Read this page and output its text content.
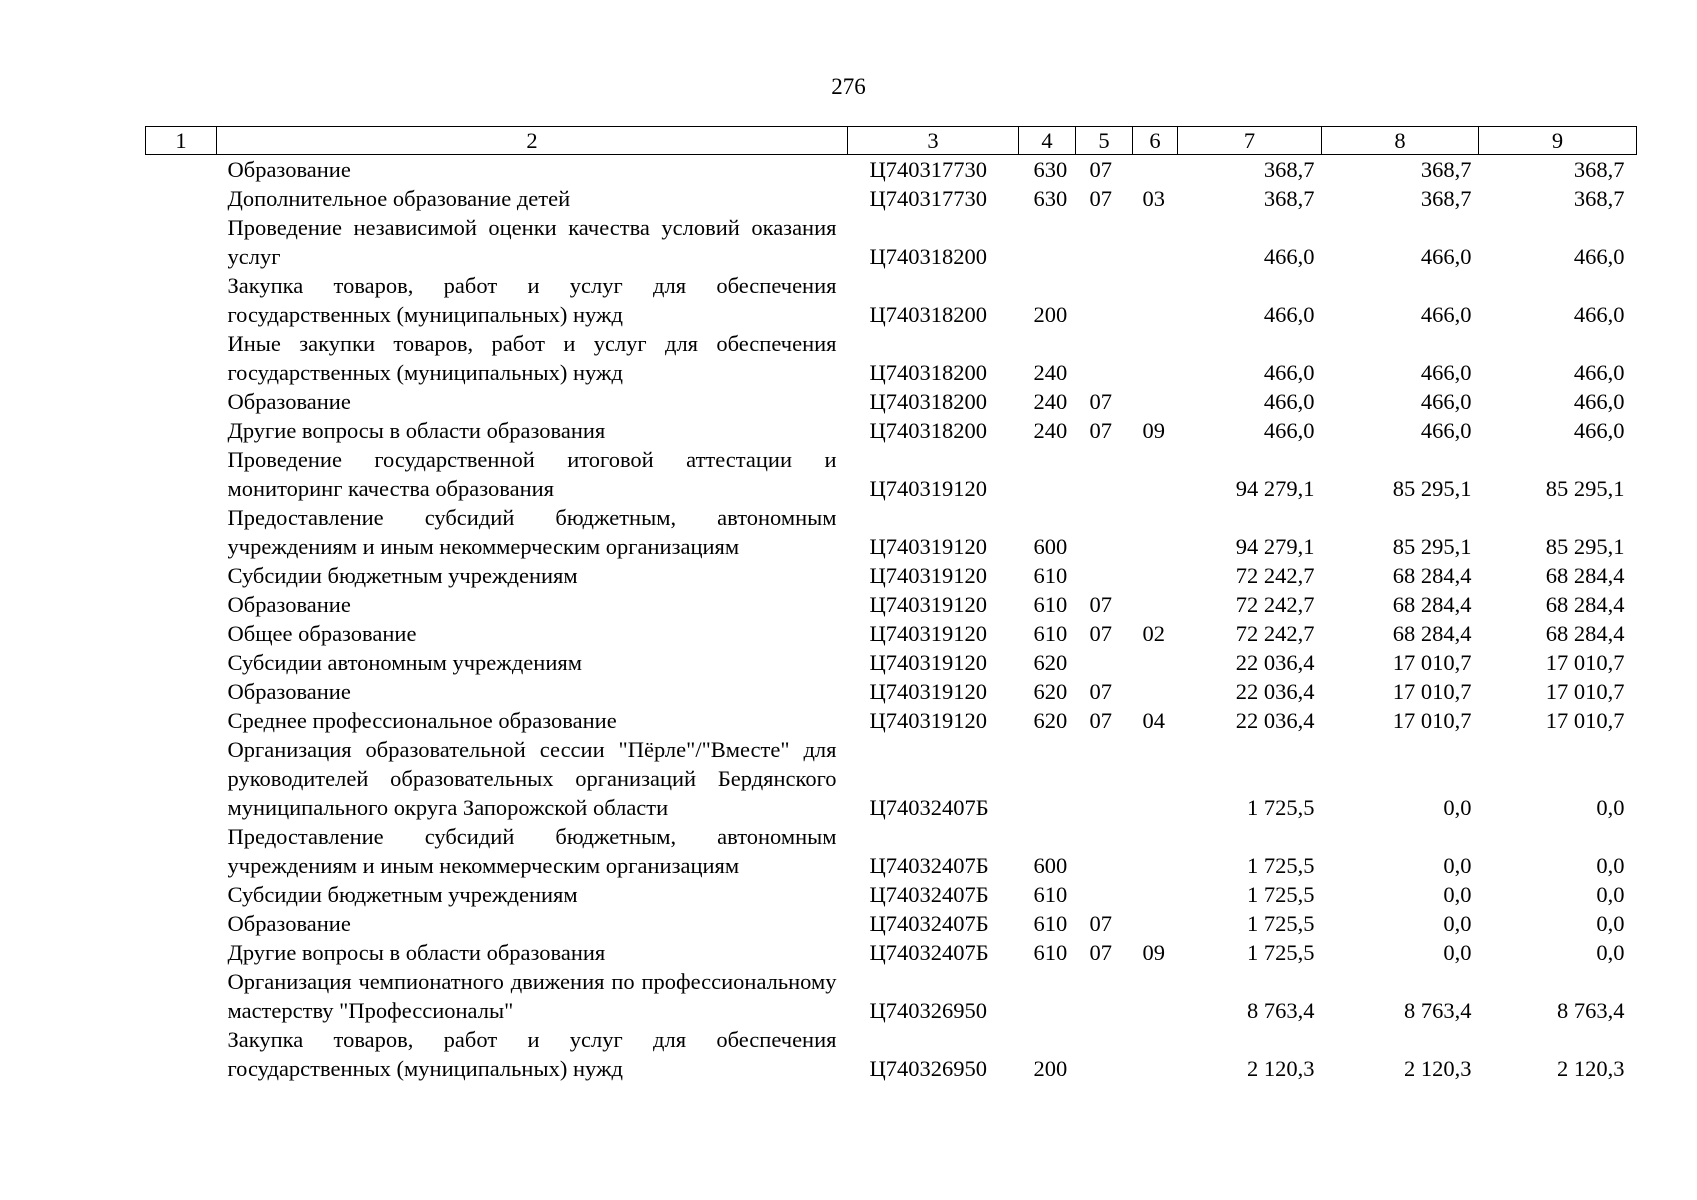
276
1	2	3	4	5	6	7	8	9
	Образование	Ц740317730	630	07		368,7	368,7	368,7
	Дополнительное образование детей	Ц740317730	630	07	03	368,7	368,7	368,7
	Проведение независимой оценки качества условий оказания услуг	Ц740318200				466,0	466,0	466,0
	Закупка товаров, работ и услуг для обеспечения государственных (муниципальных) нужд	Ц740318200	200			466,0	466,0	466,0
	Иные закупки товаров, работ и услуг для обеспечения государственных (муниципальных) нужд	Ц740318200	240			466,0	466,0	466,0
	Образование	Ц740318200	240	07		466,0	466,0	466,0
	Другие вопросы в области образования	Ц740318200	240	07	09	466,0	466,0	466,0
	Проведение государственной итоговой аттестации и мониторинг качества образования	Ц740319120				94 279,1	85 295,1	85 295,1
	Предоставление субсидий бюджетным, автономным учреждениям и иным некоммерческим организациям	Ц740319120	600			94 279,1	85 295,1	85 295,1
	Субсидии бюджетным учреждениям	Ц740319120	610			72 242,7	68 284,4	68 284,4
	Образование	Ц740319120	610	07		72 242,7	68 284,4	68 284,4
	Общее образование	Ц740319120	610	07	02	72 242,7	68 284,4	68 284,4
	Субсидии автономным учреждениям	Ц740319120	620			22 036,4	17 010,7	17 010,7
	Образование	Ц740319120	620	07		22 036,4	17 010,7	17 010,7
	Среднее профессиональное образование	Ц740319120	620	07	04	22 036,4	17 010,7	17 010,7
	Организация образовательной сессии "Пёрле"/"Вместе" для руководителей образовательных организаций Бердянского муниципального округа Запорожской области	Ц74032407Б				1 725,5	0,0	0,0
	Предоставление субсидий бюджетным, автономным учреждениям и иным некоммерческим организациям	Ц74032407Б	600			1 725,5	0,0	0,0
	Субсидии бюджетным учреждениям	Ц74032407Б	610			1 725,5	0,0	0,0
	Образование	Ц74032407Б	610	07		1 725,5	0,0	0,0
	Другие вопросы в области образования	Ц74032407Б	610	07	09	1 725,5	0,0	0,0
	Организация чемпионатного движения по профессиональному мастерству "Профессионалы"	Ц740326950				8 763,4	8 763,4	8 763,4
	Закупка товаров, работ и услуг для обеспечения государственных (муниципальных) нужд	Ц740326950	200			2 120,3	2 120,3	2 120,3
